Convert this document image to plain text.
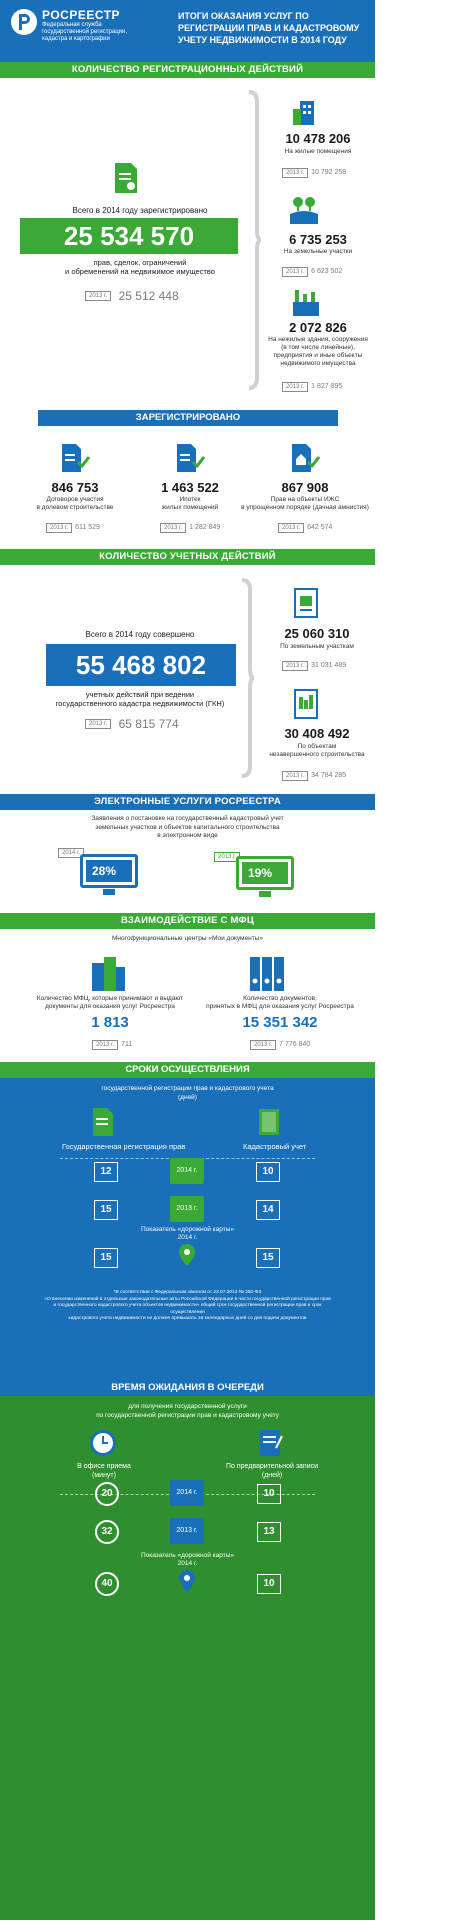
РОСРЕЕСТР
Федеральная служба
государственной регистрации,
кадастра и картографии
ИТОГИ ОКАЗАНИЯ УСЛУГ ПО РЕГИСТРАЦИИ ПРАВ И КАДАСТРОВОМУ УЧЕТУ НЕДВИЖИМОСТИ В 2014 ГОДУ
КОЛИЧЕСТВО РЕГИСТРАЦИОННЫХ ДЕЙСТВИЙ
Всего в 2014 году зарегистрировано
25 534 570
прав, сделок, ограничений
и обременений на недвижимое имущество
2013 г. 25 512 448
10 478 206
На жилые помещения
2013 г. 10 792 258
6 735 253
На земельные участки
2013 г. 6 623 502
2 072 826
На нежилые здания, сооружения
(в том числе линейные),
предприятия и иные объекты
недвижимого имущества
2013 г. 1 827 895
ЗАРЕГИСТРИРОВАНО
846 753
Договоров участия
в долевом строительстве
2013 г. 611 529
1 463 522
Ипотек
жилых помещений
2013 г. 1 282 849
867 908
Прав на объекты ИЖС
в упрощенном порядке (дачная амнистия)
2013 г. 642 574
КОЛИЧЕСТВО УЧЕТНЫХ ДЕЙСТВИЙ
Всего в 2014 году совершено
55 468 802
учетных действий при ведении
государственного кадастра недвижимости (ГКН)
2013 г. 65 815 774
25 060 310
По земельным участкам
2013 г. 31 031 489
30 408 492
По объектам
незавершенного строительства
2013 г. 34 784 285
ЭЛЕКТРОННЫЕ УСЛУГИ РОСРЕЕСТРА
Заявления о постановке на государственный кадастровый учет
земельных участков и объектов капитального строительства
в электронном виде
2014 г.
28%
2013 г.
19%
ВЗАИМОДЕЙСТВИЕ С МФЦ
Многофункциональные центры «Мои документы»
Количество МФЦ, которые принимают и выдают
документы для оказания услуг Росреестра
1 813
2013 г. 711
Количество документов,
принятых в МФЦ для оказания услуг Росреестра
15 351 342
2013 г. 7 776 840
СРОКИ ОСУЩЕСТВЛЕНИЯ
государственной регистрации прав и кадастрового учета
(дней)
Государственная регистрация прав	Кадастровый учет
12	2014 г.	10
15	2013 г.	14
Показатель «дорожной карты»
2014 г.
15	15
*В соответствии с Федеральным законом от 23.07.2013 № 250-ФЗ
«О внесении изменений в отдельные законодательные акты Российской Федерации в части государственной регистрации прав
и государственного кадастрового учета объектов недвижимости» общий срок государственной регистрации прав и срок осуществления
кадастрового учета недвижимости не должен превышать 18 календарных дней со дня подачи документов
ВРЕМЯ ОЖИДАНИЯ В ОЧЕРЕДИ
для получения государственной услуги
по государственной регистрации прав и кадастровому учету
В офисе приема
(минут)
По предварительной записи
(дней)
20	2014 г.	10
32	2013 г.	13
Показатель «дорожной карты»
2014 г.
40	10
